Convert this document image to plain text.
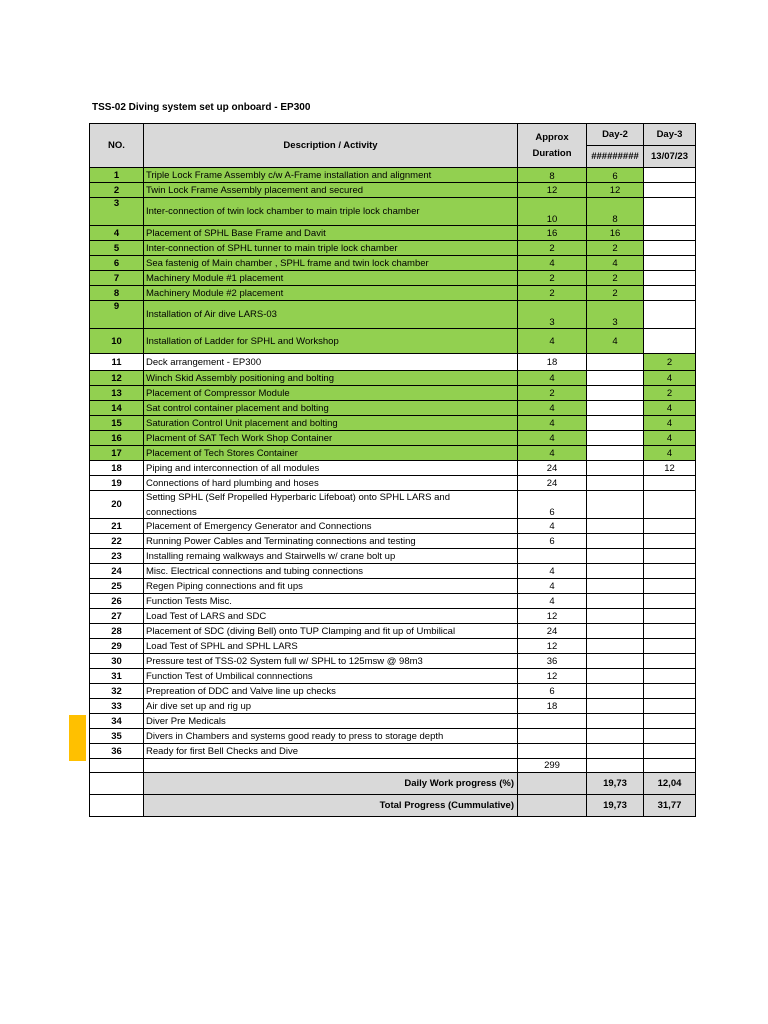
TSS-02 Diving system set up onboard - EP300
NO.	Description / Activity	Approx
Duration	Day-2	Day-3
			#########	13/07/23
1	Triple Lock Frame Assembly c/w A-Frame installation and alignment	8	6	
2	Twin Lock Frame Assembly placement and secured	12	12	
3	Inter-connection of twin lock chamber to main triple lock chamber	10	8	
4	Placement of SPHL Base Frame and Davit	16	16	
5	Inter-connection of SPHL tunner to main triple lock chamber	2	2	
6	Sea fastenig of Main chamber , SPHL frame and twin lock chamber	4	4	
7	Machinery Module #1 placement	2	2	
8	Machinery Module #2 placement	2	2	
9	Installation of Air dive LARS-03	3	3	
10	Installation of Ladder for SPHL and Workshop	4	4	
11	Deck arrangement - EP300	18		2
12	Winch Skid Assembly positioning and bolting	4		4
13	Placement of Compressor Module	2		2
14	Sat control container placement and bolting	4		4
15	Saturation Control Unit placement and bolting	4		4
16	Placment of SAT Tech Work Shop Container	4		4
17	Placement of Tech Stores Container	4		4
18	Piping and interconnection of all modules	24		12
19	Connections of hard plumbing and hoses	24		
20	Setting SPHL (Self Propelled Hyperbaric Lifeboat) onto SPHL LARS and
connections	6		
21	Placement of Emergency Generator and Connections	4		
22	Running Power Cables and Terminating connections and testing	6		
23	Installing remaing walkways and Stairwells w/ crane bolt up			
24	Misc. Electrical connections and tubing connections	4		
25	Regen Piping connections and fit ups	4		
26	Function Tests Misc.	4		
27	Load Test of LARS and SDC	12		
28	Placement of SDC (diving Bell) onto TUP Clamping and fit up of Umbilical	24		
29	Load Test of SPHL and SPHL LARS	12		
30	Pressure test of TSS-02 System full w/ SPHL to 125msw @ 98m3	36		
31	Function Test of Umbilical connnections	12		
32	Prepreation of DDC and Valve line up checks	6		
33	Air dive set up and rig up	18		
34	Diver Pre Medicals			
35	Divers in Chambers and systems good ready to press to storage depth			
36	Ready for first Bell Checks and Dive			
		299		
	Daily Work progress (%)		19,73	12,04
	Total Progress (Cummulative)		19,73	31,77
